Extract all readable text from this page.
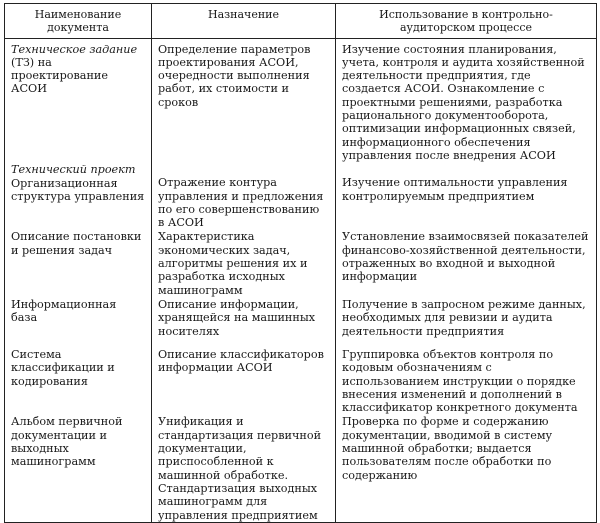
Наименование документа	Назначение	Использование в контрольно-аудиторском процессе
Техническое задание (ТЗ) на проектирование АСОИ	Определение параметров проектирования АСОИ, очередности выполнения работ, их стоимости и сроков	Изучение состояния планирования, учета, контроля и аудита хозяйственной деятельности предприятия, где создается АСОИ. Ознакомление с проектными решениями, разработка рационального документооборота, оптимизации информационных связей, информационного обеспечения управления после внедрения АСОИ

Технический проект
Организационная структура управления	Отражение контура управления и предложения по его совершенствованию в АСОИ	Изучение оптимальности управления контролируемым предприятием
Описание постановки и решения задач	Характеристика экономических задач, алгоритмы решения их и разработка исходных машинограмм	Установление взаимосвязей показателей финансово-хозяйственной деятельности, отраженных во входной и выходной информации
Информационная база	Описание информации, хранящейся на машинных носителях	Получение в запросном режиме данных, необходимых для ревизии и аудита деятельности предприятия
Система классификации и кодирования	Описание классификаторов информации АСОИ	Группировка объектов контроля по кодовым обозначениям с использованием инструкции о порядке внесения изменений и дополнений в классификатор конкретного документа
Альбом первичной документации и выходных машинограмм	Унификация и стандартизация первичной документации, приспособленной к машинной обработке. Стандартизация выходных машинограмм для управления предприятием	Проверка по форме и содержанию документации, вводимой в систему машинной обработки; выдается пользователям после обработки по содержанию
